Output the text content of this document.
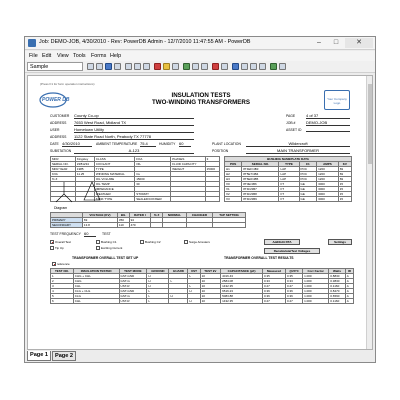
Job: DEMO-JOB, 4/30/2010 - Rev: PowerDB Admin - 12/7/2010 11:47:55 AM - PowerDB	–	□	✕
File Edit View Tools Forms Help
Sample
(Press F1 for form operation instructions)
POWER DB
INSULATION TESTS
TWO-WINDING TRANSFORMERS	Your Company Logo
CUSTOMER County Co-op
ADDRESS 7653 West Road, Midland TX
USER	Hometown Utility
ADDRESS 1122 State Road North, Peabody TX 77778
PAGE	4 of 37
JOB #	DEMO-JOB
ASSET ID
DATE 4/30/2010	AMBIENT TEMPERATURE 75.4	HUMIDITY 60	PLANT LOCATION	Wildercroft
SUBSTATION	A-123	POSITION	MAIN TRANSFORMER
MFR	Kingsley	CLASS	FOA	PHASES	3
SERIAL NO.	ZZ81234	COOLANT	OIL	FLUID CAPACITY	
MFR YEAR	1985	TYPE		WEIGHT	15000
KVA	11.25	WINDING MATERIAL	Cu		
% Z		OIL VOLUME	15000		
		OIL TEMP	30		
		IMPEDANCE			
		WEATHER	STORMY		
		TANK TYPE	SEALED/CONSER		
Diagram
BUSHING NAMEPLATE DATA					
POS	SERIAL NO.	TYPE	C1	AMPS	KV
H1	8T4EF/4B3	LAP	POC	1200	69
H2	8T5E7/4B4	LAP	POC	1200	69
H3	8T6E0/4B5	LAP	POC	1200	69
X0	8T0E/4B6	FT	GE	3000	15
X1	8T4D/4B7	FT	GE	3000	15
X2	8T4D/4B8	FT	GE	3000	15
X3	8T4D/4B9	FT	GE	3000	15
	VOLTAGE (KV)	BIL	RATED I	% Z	NORMAL	CHANGER	TAP SETTING
PRIMARY	69	350	94				
SECONDARY	13.8	110	470				
TEST FREQUENCY 60	TEST
Overall Test	Bushing C1	Bushing C2	Surge Arresters
Tip Up	Exciting Current
Add/Edit DTA	Settings
Recalculate/Test Voltages
TRANSFORMER OVERALL TEST SET UP	TRANSFORMER OVERALL TEST RESULTS
reference
TEST NO.	INSULATION TESTED	TEST MODE	GROUND	GUARD	UST	TEST kV	CAPACITANCE (pF)	Measured	@20°C	Corr Factor	Watts	IR
1	CHG + CHL	GST-GND	H		L	10	4016.43	0.35	0.35	1.000	0.8830	A
2	CHG	GST-G	H	L		10	2584.08	0.33	0.33	1.000	0.3830	A
3	CHL	UST-R	H		L	10	1432.35	0.27	0.27	1.000	0.1160	A
4	CLG + CHL	GST-GND	L		H	10	6516.23	0.36	0.36	1.000	0.8470	A
5	CLG	GST-G	L	H		10	5083.88	0.36	0.36	1.000	0.6590	A
6	CHL	UST-R	L		H	10	1432.35	0.27	0.27	1.000	0.1160	A
Page 1	Page 2
